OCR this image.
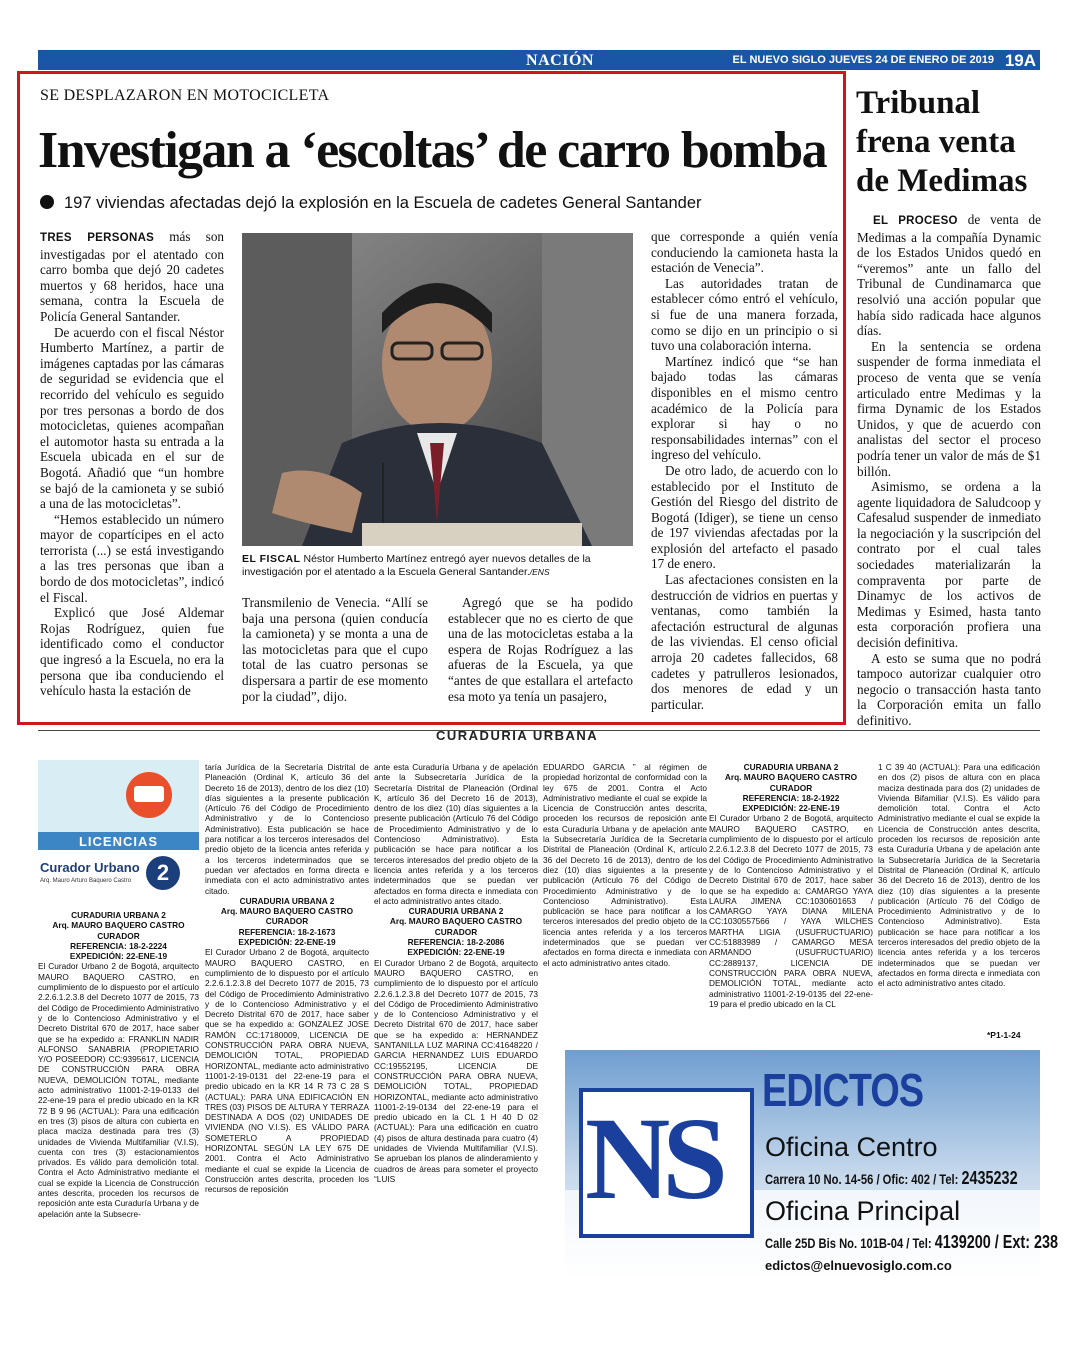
NACIÓN	EL NUEVO SIGLO JUEVES 24 DE ENERO DE 2019 19A
SE DESPLAZARON EN MOTOCICLETA
Investigan a ‘escoltas’ de carro bomba
197 viviendas afectadas dejó la explosión en la Escuela de cadetes General Santander

TRES PERSONAS más son investigadas por el atentado con carro bomba que dejó 20 cadetes muertos y 68 heridos, hace una semana, contra la Escuela de Policía General Santander.

De acuerdo con el fiscal Néstor Humberto Martínez, a partir de imágenes captadas por las cámaras de seguridad se evidencia que el recorrido del vehículo es seguido por tres personas a bordo de dos motocicletas, quienes acompañan el automotor hasta su entrada a la Escuela ubicada en el sur de Bogotá. Añadió que “un hombre se bajó de la camioneta y se subió a una de las motocicletas”.

“Hemos establecido un número mayor de copartícipes en el acto terrorista (...) se está investigando a las tres personas que iban a bordo de dos motocicletas”, indicó el Fiscal.

Explicó que José Aldemar Rojas Rodríguez, quien fue identificado como el conductor que ingresó a la Escuela, no era la persona que iba conduciendo el vehículo hasta la estación de

EL FISCAL Néstor Humberto Martínez entregó ayer nuevos detalles de la investigación por el atentado a la Escuela General Santander./ENS

Transmilenio de Venecia. “Allí se baja una persona (quien conducía la camioneta) y se monta a una de las motocicletas para que el cupo total de las cuatro personas se dispersara a partir de ese momento por la ciudad”, dijo.

Agregó que se ha podido establecer que no es cierto de que una de las motocicletas estaba a la espera de Rojas Rodríguez a las afueras de la Escuela, ya que “antes de que estallara el artefacto esa moto ya tenía un pasajero,

que corresponde a quién venía conduciendo la camioneta hasta la estación de Venecia”.

Las autoridades tratan de establecer cómo entró el vehículo, si fue de una manera forzada, como se dijo en un principio o si tuvo una colaboración interna.

Martínez indicó que “se han bajado todas las cámaras disponibles en el mismo centro académico de la Policía para explorar si hay o no responsabilidades internas” con el ingreso del vehículo.

De otro lado, de acuerdo con lo establecido por el Instituto de Gestión del Riesgo del distrito de Bogotá (Idiger), se tiene un censo de 197 viviendas afectadas por la explosión del artefacto el pasado 17 de enero.

Las afectaciones consisten en la destrucción de vidrios en puertas y ventanas, como también la afectación estructural de algunas de las viviendas. El censo oficial arroja 20 cadetes fallecidos, 68 cadetes y patrulleros lesionados, dos menores de edad y un particular.

Tribunal frena venta de Medimas

EL PROCESO de venta de Medimas a la compañía Dynamic de los Estados Unidos quedó en “veremos” ante un fallo del Tribunal de Cundinamarca que resolvió una acción popular que había sido radicada hace algunos días.

En la sentencia se ordena suspender de forma inmediata el proceso de venta que se venía articulado entre Medimas y la firma Dynamic de los Estados Unidos, y que de acuerdo con analistas del sector el proceso podría tener un valor de más de $1 billón.

Asimismo, se ordena a la agente liquidadora de Saludcoop y Cafesalud suspender de inmediato la negociación y la suscripción del contrato por el cual tales sociedades materializarán la compraventa por parte de Dinamyc de los activos de Medimas y Esimed, hasta tanto esta corporación profiera una decisión definitiva.

A esto se suma que no podrá tampoco autorizar cualquier otro negocio o transacción hasta tanto la Corporación emita un fallo definitivo.

CURADURIA URBANA
LICENCIAS
Curador Urbano
Arq. Mauro Arturo Baquero Castro	2
CURADURIA URBANA 2
Arq. MAURO BAQUERO CASTRO
CURADOR
REFERENCIA: 18-2-2224
EXPEDICIÓN: 22-ENE-19
El Curador Urbano 2 de Bogotá, arquitecto MAURO BAQUERO CASTRO, en cumplimiento de lo dispuesto por el artículo 2.2.6.1.2.3.8 del Decreto 1077 de 2015, 73 del Código de Procedimiento Administrativo y de lo Contencioso Administrativo y el Decreto Distrital 670 de 2017, hace saber que se ha expedido a: FRANKLIN NADIR ALFONSO SANABRIA (PROPIETARIO Y/O POSEEDOR) CC:9395617, LICENCIA DE CONSTRUCCIÓN PARA OBRA NUEVA, DEMOLICIÓN TOTAL, mediante acto administrativo 11001-2-19-0133 del 22-ene-19 para el predio ubicado en la KR 72 B 9 96 (ACTUAL): Para una edificación en tres (3) pisos de altura con cubierta en placa maciza destinada para tres (3) unidades de Vivienda Multifamiliar (V.I.S), cuenta con tres (3) estacionamientos privados. Es válido para demolición total. Contra el Acto Administrativo mediante el cual se expide la Licencia de Construcción antes descrita, proceden los recursos de reposición ante esta Curaduría Urbana y de apelación ante la Subsecre-
taría Jurídica de la Secretaría Distrital de Planeación (Ordinal K, artículo 36 del Decreto 16 de 2013), dentro de los diez (10) días siguientes a la presente publicación (Artículo 76 del Código de Procedimiento Administrativo y de lo Contencioso Administrativo). Esta publicación se hace para notificar a los terceros interesados del predio objeto de la licencia antes referida y a los terceros indeterminados que se puedan ver afectados en forma directa e inmediata con el acto administrativo antes citado.
CURADURIA URBANA 2
Arq. MAURO BAQUERO CASTRO
CURADOR
REFERENCIA: 18-2-1673
EXPEDICIÓN: 22-ENE-19
El Curador Urbano 2 de Bogotá, arquitecto MAURO BAQUERO CASTRO, en cumplimiento de lo dispuesto por el artículo 2.2.6.1.2.3.8 del Decreto 1077 de 2015, 73 del Código de Procedimiento Administrativo y de lo Contencioso Administrativo y el Decreto Distrital 670 de 2017, hace saber que se ha expedido a: GONZALEZ JOSE RAMÓN CC:17180009, LICENCIA DE CONSTRUCCIÓN PARA OBRA NUEVA, DEMOLICIÓN TOTAL, PROPIEDAD HORIZONTAL, mediante acto administrativo 11001-2-19-0131 del 22-ene-19 para el predio ubicado en la KR 14 R 73 C 28 S (ACTUAL): PARA UNA EDIFICACIÓN EN TRES (03) PISOS DE ALTURA Y TERRAZA DESTINADA A DOS (02) UNIDADES DE VIVIENDA (NO V.I.S). ES VÁLIDO PARA SOMETERLO A PROPIEDAD HORIZONTAL SEGÚN LA LEY 675 DE 2001. Contra el Acto Administrativo mediante el cual se expide la Licencia de Construcción antes descrita, proceden los recursos de reposición
ante esta Curaduría Urbana y de apelación ante la Subsecretaría Jurídica de la Secretaría Distrital de Planeación (Ordinal K, artículo 36 del Decreto 16 de 2013), dentro de los diez (10) días siguientes a la presente publicación (Artículo 76 del Código de Procedimiento Administrativo y de lo Contencioso Administrativo). Esta publicación se hace para notificar a los terceros interesados del predio objeto de la licencia antes referida y a los terceros indeterminados que se puedan ver afectados en forma directa e inmediata con el acto administrativo antes citado.
CURADURIA URBANA 2
Arq. MAURO BAQUERO CASTRO
CURADOR
REFERENCIA: 18-2-2086
EXPEDICIÓN: 22-ENE-19
El Curador Urbano 2 de Bogotá, arquitecto MAURO BAQUERO CASTRO, en cumplimiento de lo dispuesto por el artículo 2.2.6.1.2.3.8 del Decreto 1077 de 2015, 73 del Código de Procedimiento Administrativo y de lo Contencioso Administrativo y el Decreto Distrital 670 de 2017, hace saber que se ha expedido a: HERNANDEZ SANTANILLA LUZ MARINA CC:41648220 / GARCIA HERNANDEZ LUIS EDUARDO CC:19552195, LICENCIA DE CONSTRUCCIÓN PARA OBRA NUEVA, DEMOLICIÓN TOTAL, PROPIEDAD HORIZONTAL, mediante acto administrativo 11001-2-19-0134 del 22-ene-19 para el predio ubicado en la CL 1 H 40 D 02 (ACTUAL): Para una edificación en cuatro (4) pisos de altura destinada para cuatro (4) unidades de Vivienda Multifamiliar (V.I.S). Se aprueban los planos de alinderamiento y cuadros de áreas para someter el proyecto “LUIS
EDUARDO GARCIA ” al régimen de propiedad horizontal de conformidad con la ley 675 de 2001. Contra el Acto Administrativo mediante el cual se expide la Licencia de Construcción antes descrita, proceden los recursos de reposición ante esta Curaduría Urbana y de apelación ante la Subsecretaría Jurídica de la Secretaría Distrital de Planeación (Ordinal K, artículo 36 del Decreto 16 de 2013), dentro de los diez (10) días siguientes a la presente publicación (Artículo 76 del Código de Procedimiento Administrativo y de lo Contencioso Administrativo). Esta publicación se hace para notificar a los terceros interesados del predio objeto de la licencia antes referida y a los terceros indeterminados que se puedan ver afectados en forma directa e inmediata con el acto administrativo antes citado.
CURADURIA URBANA 2
Arq. MAURO BAQUERO CASTRO
CURADOR
REFERENCIA: 18-2-1922
EXPEDICIÓN: 22-ENE-19
El Curador Urbano 2 de Bogotá, arquitecto MAURO BAQUERO CASTRO, en cumplimiento de lo dispuesto por el artículo 2.2.6.1.2.3.8 del Decreto 1077 de 2015, 73 del Código de Procedimiento Administrativo y de lo Contencioso Administrativo y el Decreto Distrital 670 de 2017, hace saber que se ha expedido a: CAMARGO YAYA LAURA JIMENA CC:1030601653 / CAMARGO YAYA DIANA MILENA CC:1030557566 / YAYA WILCHES MARTHA LIGIA (USUFRUCTUARIO) CC:51883989 / CAMARGO MESA ARMANDO (USUFRUCTUARIO) CC:2889137, LICENCIA DE CONSTRUCCIÓN PARA OBRA NUEVA, DEMOLICIÓN TOTAL, mediante acto administrativo 11001-2-19-0135 del 22-ene-19 para el predio ubicado en la CL
1 C 39 40 (ACTUAL): Para una edificación en dos (2) pisos de altura con en placa maciza destinada para dos (2) unidades de Vivienda Bifamiliar (V.I.S). Es válido para demolición total. Contra el Acto Administrativo mediante el cual se expide la Licencia de Construcción antes descrita, proceden los recursos de reposición ante esta Curaduría Urbana y de apelación ante la Subsecretaría Jurídica de la Secretaría Distrital de Planeación (Ordinal K, artículo 36 del Decreto 16 de 2013), dentro de los diez (10) días siguientes a la presente publicación (Artículo 76 del Código de Procedimiento Administrativo y de lo Contencioso Administrativo). Esta publicación se hace para notificar a los terceros interesados del predio objeto de la licencia antes referida y a los terceros indeterminados que se puedan ver afectados en forma directa e inmediata con el acto administrativo antes citado.
*P1-1-24
NS
EDICTOS
Oficina Centro
Carrera 10 No. 14-56 / Ofic: 402 / Tel: 2435232
Oficina Principal
Calle 25D Bis No. 101B-04 / Tel: 4139200 / Ext: 238
edictos@elnuevosiglo.com.co
